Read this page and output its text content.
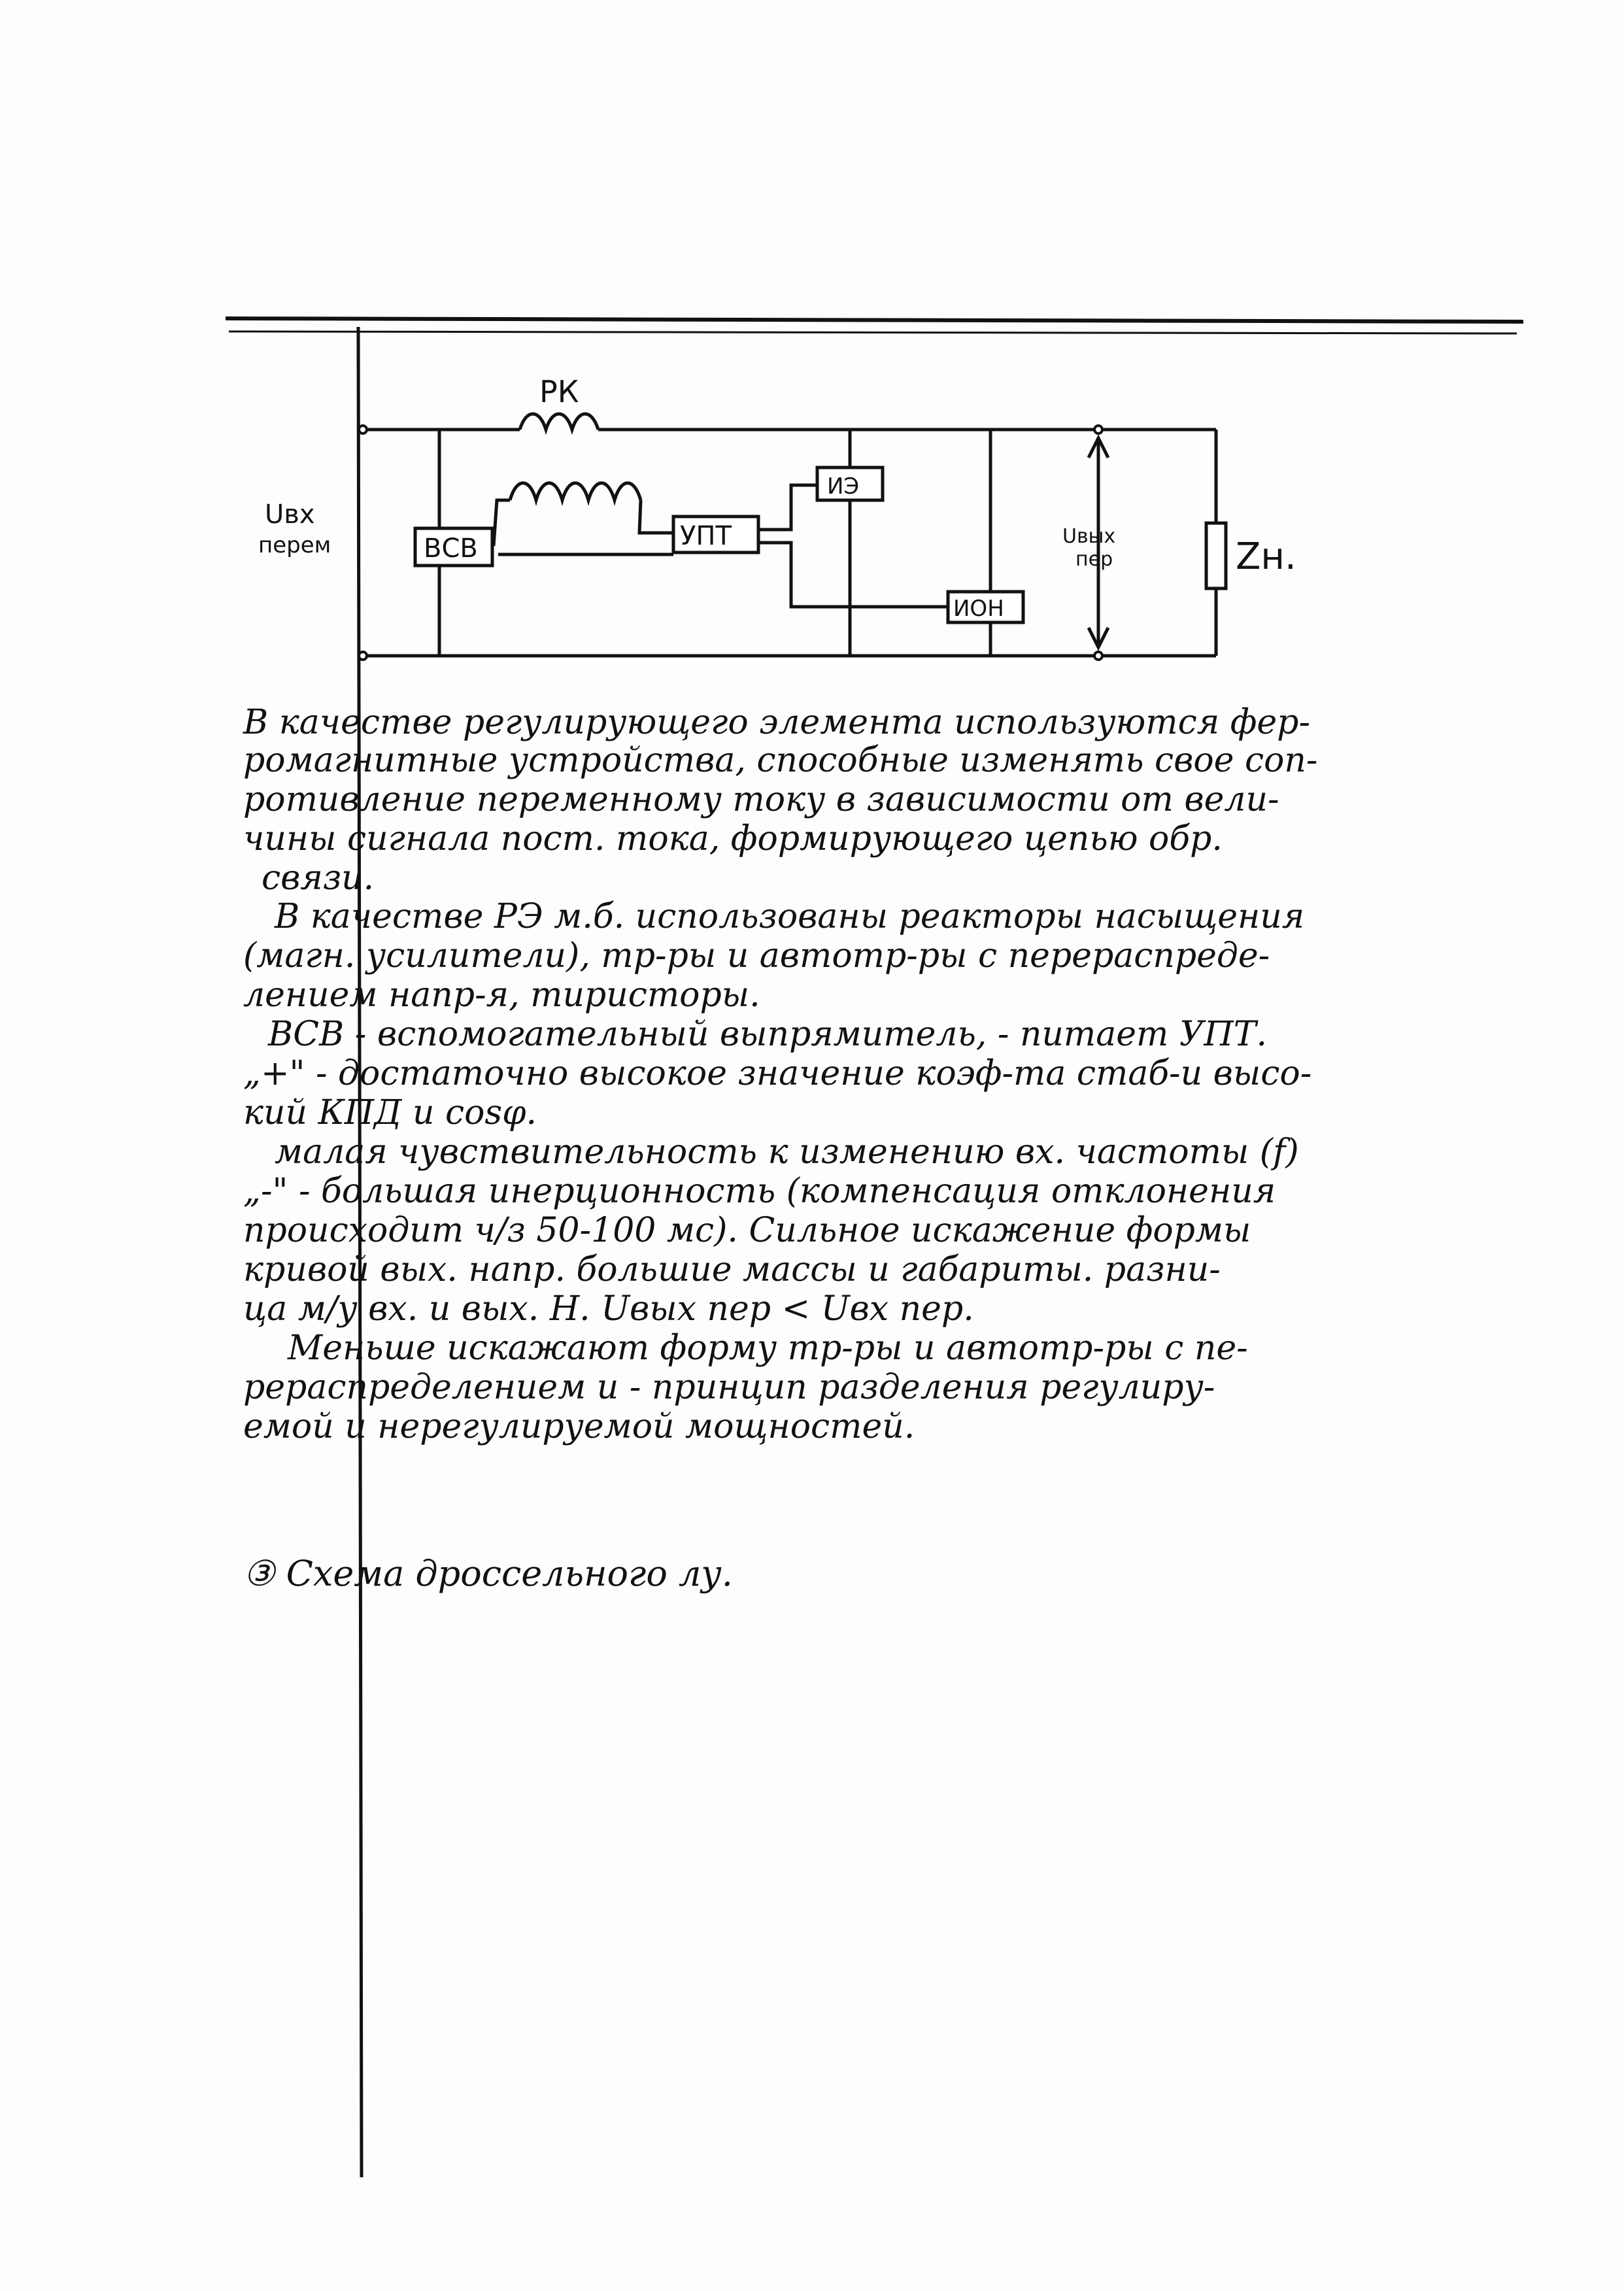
РК
ВСВ	УПТ
ИЭ
ИОН
Uвх
перем	Uвых
пер	Zн.
В качестве регулирующего элемента используются фер-
ромагнитные устройства, способные изменять свое соп-
ротивление переменному току в зависимости от вели-
чины сигнала пост. тока, формирующего цепью обр.
связи.
В качестве РЭ м.б. использованы реакторы насыщения
(магн. усилители), тр-ры и автотр-ры с перераспреде-
лением напр-я, тиристоры.
ВСВ - вспомогательный выпрямитель, - питает УПТ.
„+" - достаточно высокое значение коэф-та стаб-и высо-
кий КПД и cosφ.
малая чувствительность к изменению вх. частоты (f)
„-" - большая инерционность (компенсация отклонения
происходит ч/з 50-100 мс). Сильное искажение формы
кривой вых. напр. большие массы и габариты. разни-
ца м/у вх. и вых. Н. Uвых пер < Uвх пер.
Меньше искажают форму тр-ры и автотр-ры с пе-
рераспределением и - принцип разделения регулиру-
емой и нерегулируемой мощностей.
③ Схема дроссельного лу.
